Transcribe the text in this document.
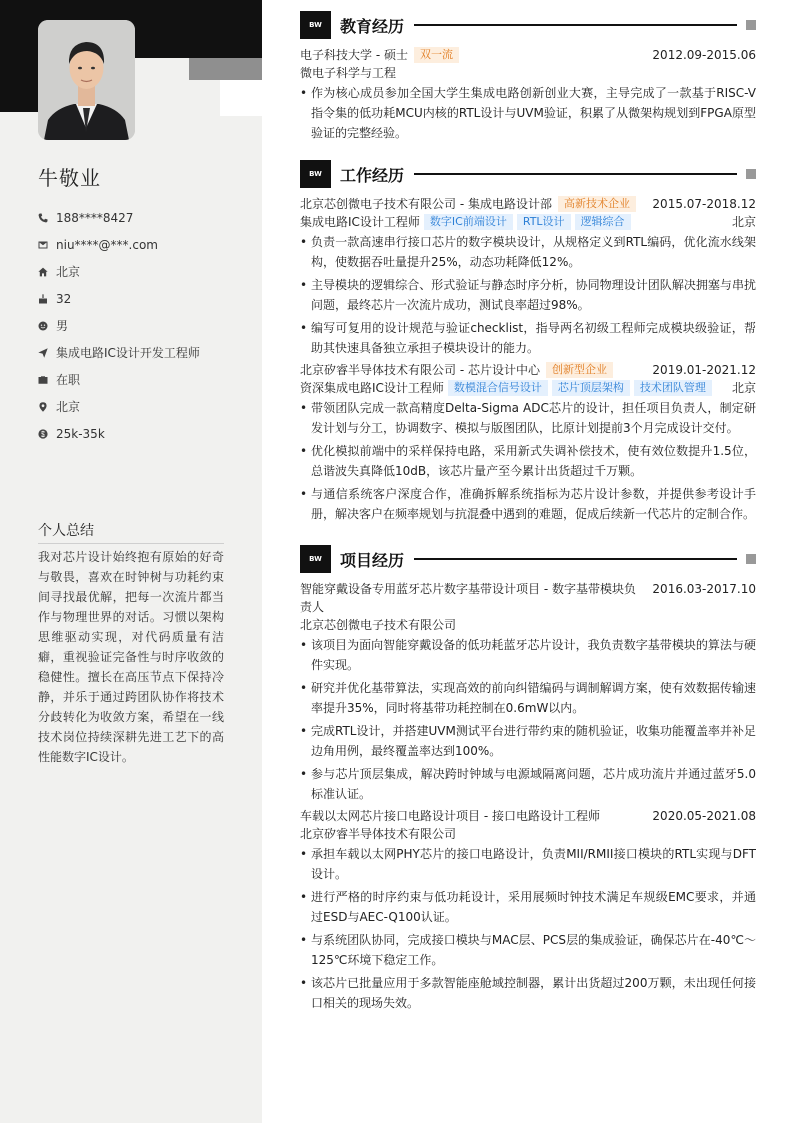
牛敬业
188****8427
niu****@***.com
北京
32
男
集成电路IC设计开发工程师
在职
北京
25k-35k
个人总结
我对芯片设计始终抱有原始的好奇与敬畏，喜欢在时钟树与功耗约束间寻找最优解，把每一次流片都当作与物理世界的对话。习惯以架构思维驱动实现，对代码质量有洁癖，重视验证完备性与时序收敛的稳健性。擅长在高压节点下保持冷静，并乐于通过跨团队协作将技术分歧转化为收敛方案，希望在一线技术岗位持续深耕先进工艺下的高性能数字IC设计。
BW	教育经历
电子科技大学 - 硕士	双一流	2012.09-2015.06
微电子科学与工程
• 作为核心成员参加全国大学生集成电路创新创业大赛，主导完成了一款基于RISC-V指令集的低功耗MCU内核的RTL设计与UVM验证，积累了从微架构规划到FPGA原型验证的完整经验。
BW	工作经历
北京芯创微电子技术有限公司 - 集成电路设计部	高新技术企业	2015.07-2018.12
集成电路IC设计工程师 数字IC前端设计	RTL设计	逻辑综合	北京
• 负责一款高速串行接口芯片的数字模块设计，从规格定义到RTL编码，优化流水线架构，使数据吞吐量提升25%，动态功耗降低12%。
• 主导模块的逻辑综合、形式验证与静态时序分析，协同物理设计团队解决拥塞与串扰问题，最终芯片一次流片成功，测试良率超过98%。
• 编写可复用的设计规范与验证checklist，指导两名初级工程师完成模块级验证，帮助其快速具备独立承担子模块设计的能力。
北京矽睿半导体技术有限公司 - 芯片设计中心	创新型企业	2019.01-2021.12
资深集成电路IC设计工程师 数模混合信号设计	芯片顶层架构	技术团队管理	北京
• 带领团队完成一款高精度Delta-Sigma ADC芯片的设计，担任项目负责人，制定研发计划与分工，协调数字、模拟与版图团队，比原计划提前3个月完成设计交付。
• 优化模拟前端中的采样保持电路，采用新式失调补偿技术，使有效位数提升1.5位，总谐波失真降低10dB，该芯片量产至今累计出货超过千万颗。
• 与通信系统客户深度合作，准确拆解系统指标为芯片设计参数，并提供参考设计手册，解决客户在频率规划与抗混叠中遇到的难题，促成后续新一代芯片的定制合作。
BW	项目经历
智能穿戴设备专用蓝牙芯片数字基带设计项目 - 数字基带模块负责人
2016.03-2017.10
北京芯创微电子技术有限公司
• 该项目为面向智能穿戴设备的低功耗蓝牙芯片设计，我负责数字基带模块的算法与硬件实现。
• 研究并优化基带算法，实现高效的前向纠错编码与调制解调方案，使有效数据传输速率提升35%，同时将基带功耗控制在0.6mW以内。
• 完成RTL设计，并搭建UVM测试平台进行带约束的随机验证，收集功能覆盖率并补足边角用例，最终覆盖率达到100%。
• 参与芯片顶层集成，解决跨时钟域与电源域隔离问题，芯片成功流片并通过蓝牙5.0标准认证。
车载以太网芯片接口电路设计项目 - 接口电路设计工程师	2020.05-2021.08
北京矽睿半导体技术有限公司
• 承担车载以太网PHY芯片的接口电路设计，负责MII/RMII接口模块的RTL实现与DFT设计。
• 进行严格的时序约束与低功耗设计，采用展频时钟技术满足车规级EMC要求，并通过ESD与AEC-Q100认证。
• 与系统团队协同，完成接口模块与MAC层、PCS层的集成验证，确保芯片在-40℃～125℃环境下稳定工作。
• 该芯片已批量应用于多款智能座舱域控制器，累计出货超过200万颗，未出现任何接口相关的现场失效。
